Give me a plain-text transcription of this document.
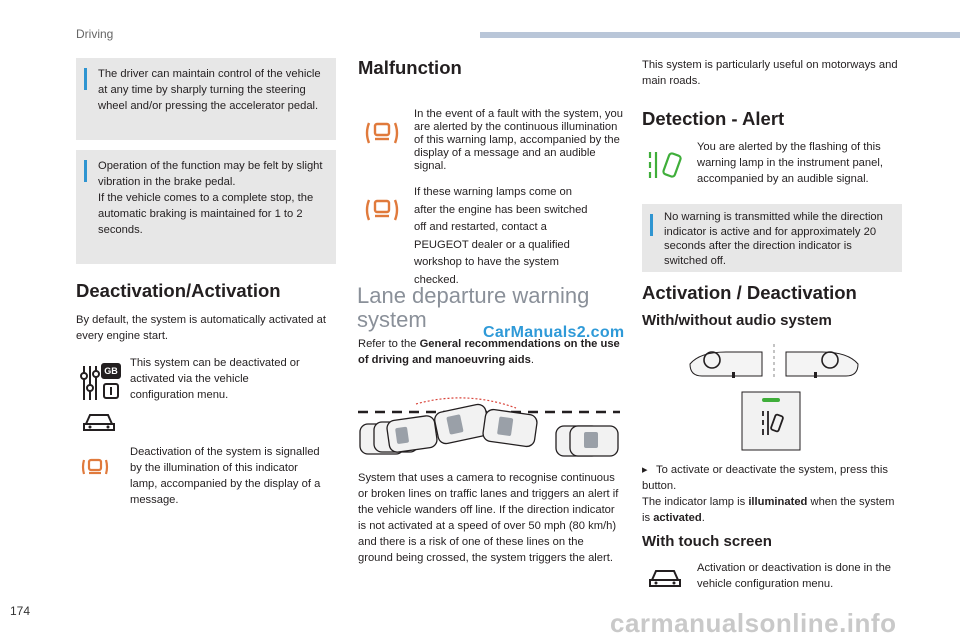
Driving
The driver can maintain control of the vehicle at any time by sharply turning the steering wheel and/or pressing the accelerator pedal.
Operation of the function may be felt by slight vibration in the brake pedal.
If the vehicle comes to a complete stop, the automatic braking is maintained for 1 to 2 seconds.
Deactivation/Activation
By default, the system is automatically activated at every engine start.
GB
This system can be deactivated or activated via the vehicle configuration menu.
Deactivation of the system is signalled by the illumination of this indicator lamp, accompanied by the display of a message.
Malfunction
In the event of a fault with the system, you are alerted by the continuous illumination of this warning lamp, accompanied by the display of a message and an audible signal.
If these warning lamps come on after the engine has been switched off and restarted, contact a PEUGEOT dealer or a qualified workshop to have the system checked.
Lane departure warning system
CarManuals2.com
Refer to the General recommendations on the use of driving and manoeuvring aids.
System that uses a camera to recognise continuous or broken lines on traffic lanes and triggers an alert if the vehicle wanders off line. If the direction indicator is not activated at a speed of over 50 mph (80 km/h) and there is a risk of one of these lines on the ground being crossed, the system triggers the alert.
This system is particularly useful on motorways and main roads.
Detection - Alert
You are alerted by the flashing of this warning lamp in the instrument panel, accompanied by an audible signal.
No warning is transmitted while the direction indicator is active and for approximately 20 seconds after the direction indicator is switched off.
Activation / Deactivation
With/without audio system
▸ To activate or deactivate the system, press this button.
The indicator lamp is illuminated when the system is activated.
With touch screen
Activation or deactivation is done in the vehicle configuration menu.
174	carmanualsonline.info
